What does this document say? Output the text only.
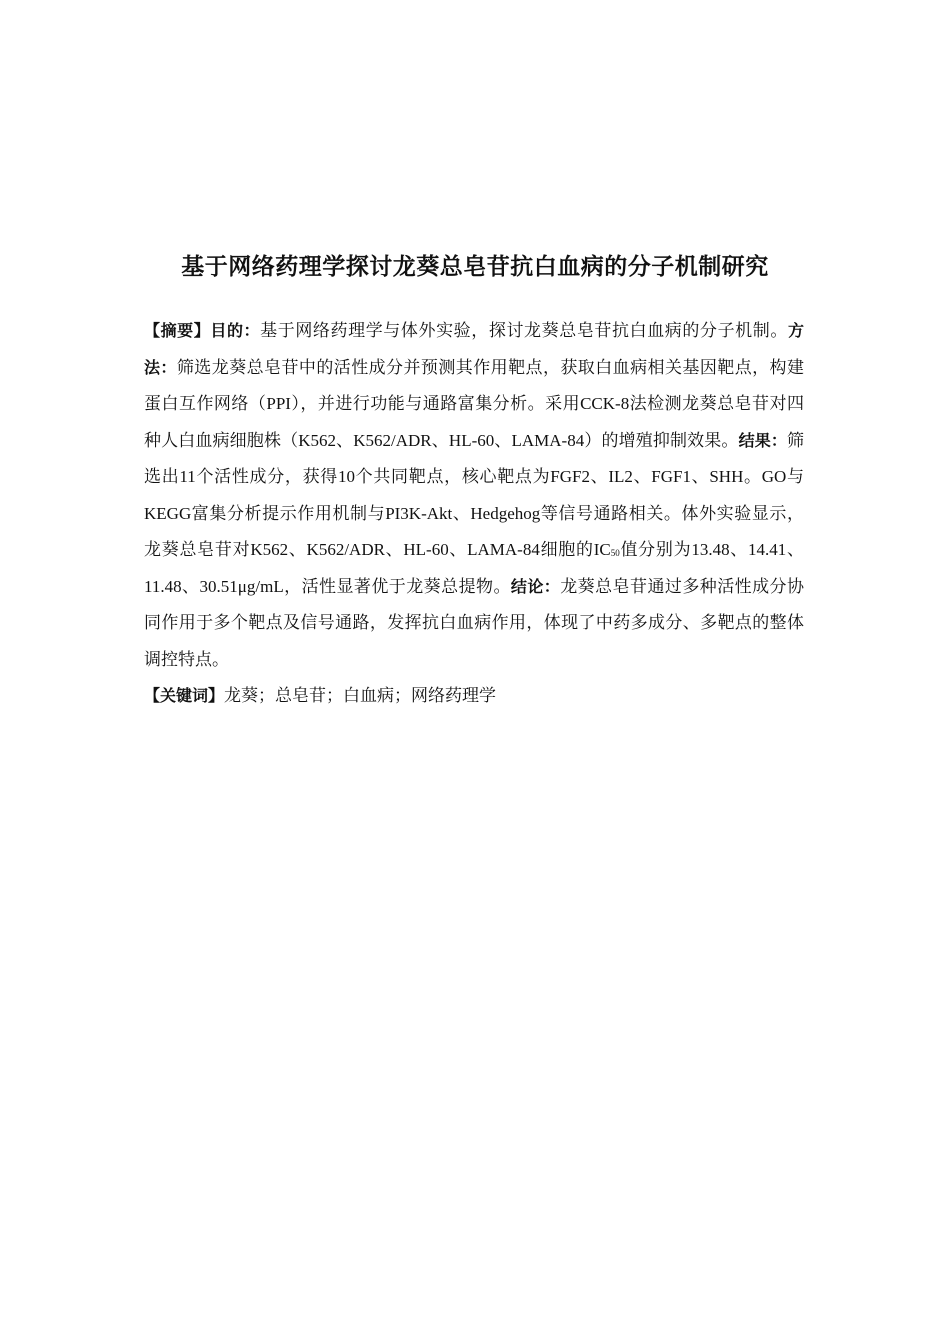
基于网络药理学探讨龙葵总皂苷抗白血病的分子机制研究

【摘要】目的：基于网络药理学与体外实验，探讨龙葵总皂苷抗白血病的分子机制。方法：筛选龙葵总皂苷中的活性成分并预测其作用靶点，获取白血病相关基因靶点，构建蛋白互作网络（PPI），并进行功能与通路富集分析。采用CCK-8法检测龙葵总皂苷对四种人白血病细胞株（K562、K562/ADR、HL-60、LAMA-84）的增殖抑制效果。结果：筛选出11个活性成分，获得10个共同靶点，核心靶点为FGF2、IL2、FGF1、SHH。GO与KEGG富集分析提示作用机制与PI3K-Akt、Hedgehog等信号通路相关。体外实验显示，龙葵总皂苷对K562、K562/ADR、HL-60、LAMA-84细胞的$IC_{50}$值分别为13.48、14.41、11.48、30.51μg/mL，活性显著优于龙葵总提物。结论：龙葵总皂苷通过多种活性成分协同作用于多个靶点及信号通路，发挥抗白血病作用，体现了中药多成分、多靶点的整体调控特点。

【关键词】龙葵；总皂苷；白血病；网络药理学
